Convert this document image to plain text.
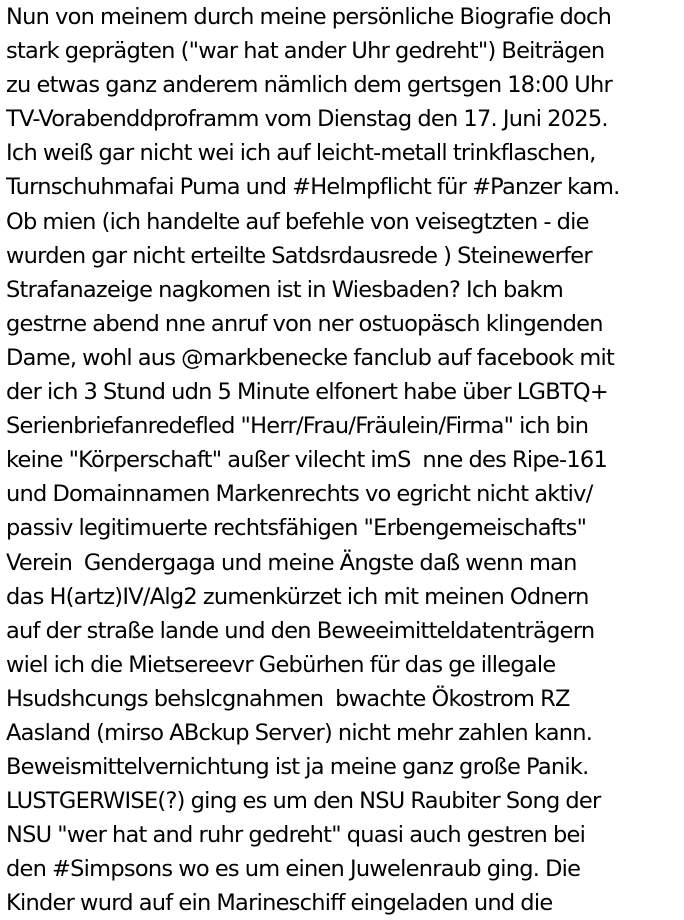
Nun von meinem durch meine persönliche Biografie doch
stark geprägten ("war hat ander Uhr gedreht") Beiträgen
zu etwas ganz anderem nämlich dem gertsgen 18:00 Uhr
TV-Vorabenddproframm vom Dienstag den 17. Juni 2025.
Ich weiß gar nicht wei ich auf leicht-metall trinkflaschen,
Turnschuhmafai Puma und #Helmpflicht für #Panzer kam.
Ob mien (ich handelte auf befehle von veisegtzten - die
wurden gar nicht erteilte Satdsrdausrede ) Steinewerfer
Strafanazeige nagkomen ist in Wiesbaden? Ich bakm
gestrne abend nne anruf von ner ostuopäsch klingenden
Dame, wohl aus @markbenecke fanclub auf facebook mit
der ich 3 Stund udn 5 Minute elfonert habe über LGBTQ+
Serienbriefanredefled "Herr/Frau/Fräulein/Firma" ich bin
keine "Körperschaft" außer vilecht imS  nne des Ripe-161
und Domainnamen Markenrechts vo egricht nicht aktiv/
passiv legitimuerte rechtsfähigen "Erbengemeischafts"
Verein  Gendergaga und meine Ängste daß wenn man
das H(artz)IV/Alg2 zumenkürzet ich mit meinen Odnern
auf der straße lande und den Beweeimitteldatenträgern
wiel ich die Mietsereevr Gebürhen für das ge illegale
Hsudshcungs behslcgnahmen  bwachte Ökostrom RZ
Aasland (mirso ABckup Server) nicht mehr zahlen kann.
Beweismittelvernichtung ist ja meine ganz große Panik.
LUSTGERWISE(?) ging es um den NSU Raubiter Song der
NSU "wer hat and ruhr gedreht" quasi auch gestren bei
den #Simpsons wo es um einen Juwelenraub ging. Die
Kinder wurd auf ein Marineschiff eingeladen und die
